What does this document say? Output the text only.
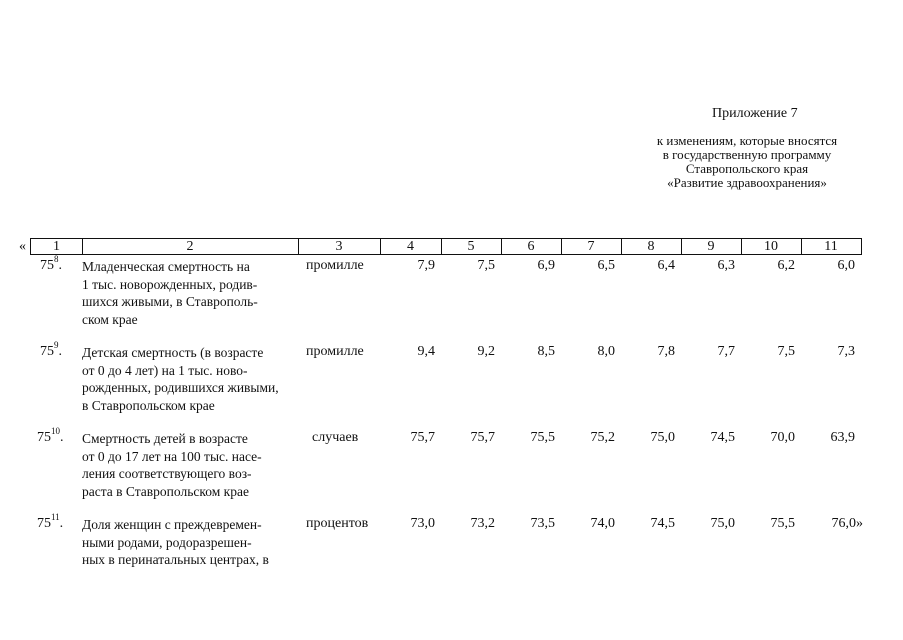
Приложение 7
к изменениям, которые вносятся
в государственную программу
Ставропольского края
«Развитие здравоохранения»
«	1	2	3	4	5	6	7	8	9	10	11
$75^8$. Младенческая смертность на
1 тыс. новорожденных, родив-
шихся живыми, в Ставрополь-
ском крае
промилле	7,9	7,5	6,9	6,5	6,4	6,3	6,2	6,0
$75^9$. Детская смертность (в возрасте
от 0 до 4 лет) на 1 тыс. ново-
рожденных, родившихся живыми,
в Ставропольском крае
промилле	9,4	9,2	8,5	8,0	7,8	7,7	7,5	7,3
$75^{10}$. Смертность детей в возрасте
от 0 до 17 лет на 100 тыс. насе-
ления соответствующего воз-
раста в Ставропольском крае
случаев	75,7	75,7	75,5	75,2	75,0	74,5	70,0	63,9
$75^{11}$. Доля женщин с преждевремен-
ными родами, родоразрешен-
ных в перинатальных центрах, в
процентов	73,0	73,2	73,5	74,0	74,5	75,0	75,5	76,0»
